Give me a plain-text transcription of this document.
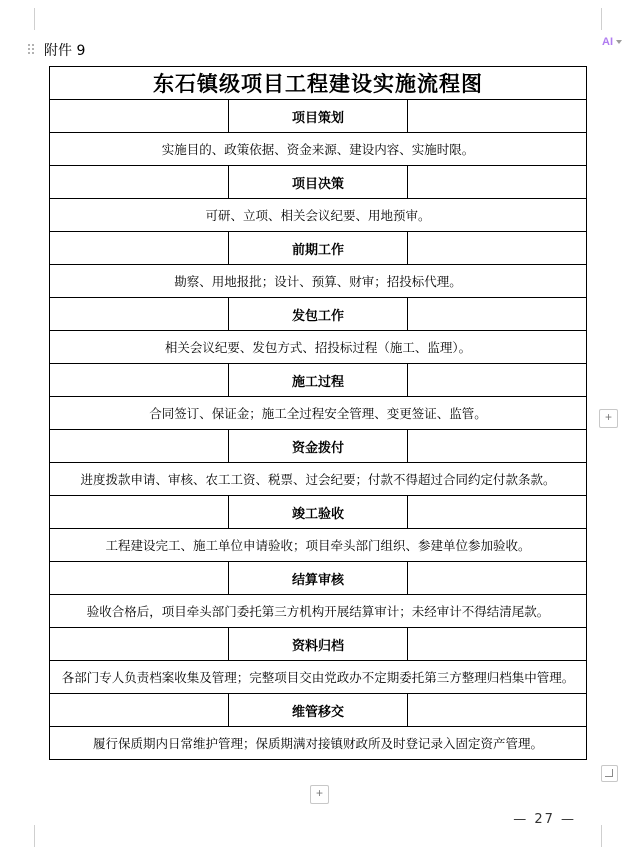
AI
附件 9
东石镇级项目工程建设实施流程图		
	项目策划	
实施目的、政策依据、资金来源、建设内容、实施时限。		
	项目决策	
可研、立项、相关会议纪要、用地预审。		
	前期工作	
勘察、用地报批；设计、预算、财审；招投标代理。		
	发包工作	
相关会议纪要、发包方式、招投标过程（施工、监理）。		
	施工过程	
合同签订、保证金；施工全过程安全管理、变更签证、监管。		
	资金拨付	
进度拨款申请、审核、农工工资、税票、过会纪要；付款不得超过合同约定付款条款。		
	竣工验收	
工程建设完工、施工单位申请验收；项目牵头部门组织、参建单位参加验收。		
	结算审核	
验收合格后，项目牵头部门委托第三方机构开展结算审计；未经审计不得结清尾款。		
	资料归档	
各部门专人负责档案收集及管理；完整项目交由党政办不定期委托第三方整理归档集中管理。		
	维管移交	
履行保质期内日常维护管理；保质期满对接镇财政所及时登记录入固定资产管理。		
+
+
— 27 —
